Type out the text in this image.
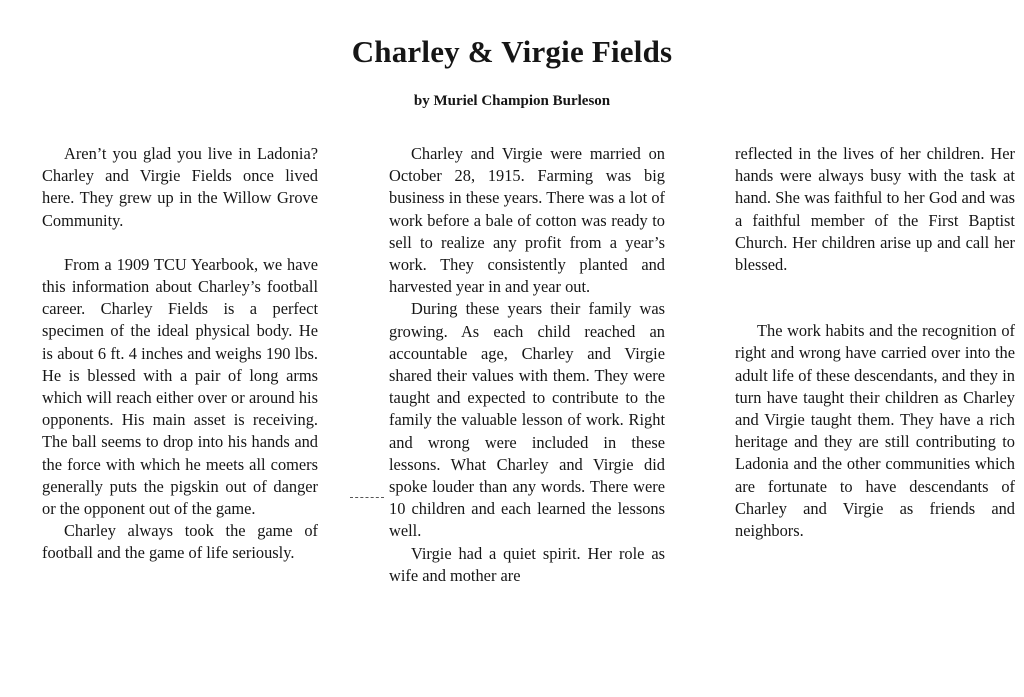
Charley & Virgie Fields
by Muriel Champion Burleson

Aren’t you glad you live in Ladonia? Charley and Virgie Fields once lived here. They grew up in the Willow Grove Community.

From a 1909 TCU Yearbook, we have this information about Charley’s football career. Charley Fields is a perfect specimen of the ideal physical body. He is about 6 ft. 4 inches and weighs 190 lbs. He is blessed with a pair of long arms which will reach either over or around his opponents. His main asset is receiving. The ball seems to drop into his hands and the force with which he meets all comers generally puts the pigskin out of danger or the opponent out of the game.

Charley always took the game of football and the game of life seriously.

Charley and Virgie were married on October 28, 1915. Farming was big business in these years. There was a lot of work before a bale of cotton was ready to sell to realize any profit from a year’s work. They consistently planted and harvested year in and year out.

During these years their family was growing. As each child reached an accountable age, Charley and Virgie shared their values with them. They were taught and expected to contribute to the family the valuable lesson of work. Right and wrong were included in these lessons. What Charley and Virgie did spoke louder than any words. There were 10 children and each learned the lessons well.

Virgie had a quiet spirit. Her role as wife and mother are

reflected in the lives of her children. Her hands were always busy with the task at hand. She was faithful to her God and was a faithful member of the First Baptist Church. Her children arise up and call her blessed.

The work habits and the recognition of right and wrong have carried over into the adult life of these descendants, and they in turn have taught their children as Charley and Virgie taught them. They have a rich heritage and they are still contributing to Ladonia and the other communities which are fortunate to have descendants of Charley and Virgie as friends and neighbors.
